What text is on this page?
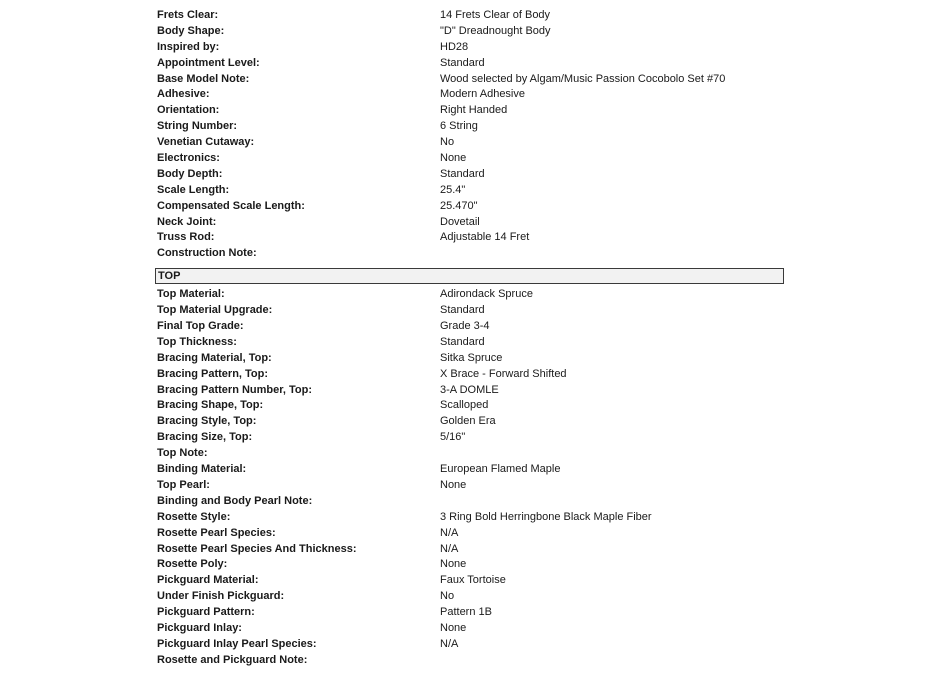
Frets Clear:	14 Frets Clear of Body
Body Shape:	"D" Dreadnought Body
Inspired by:	HD28
Appointment Level:	Standard
Base Model Note:	Wood selected by Algam/Music Passion Cocobolo Set #70
Adhesive:	Modern Adhesive
Orientation:	Right Handed
String Number:	6 String
Venetian Cutaway:	No
Electronics:	None
Body Depth:	Standard
Scale Length:	25.4"
Compensated Scale Length:	25.470"
Neck Joint:	Dovetail
Truss Rod:	Adjustable 14 Fret
Construction Note:
TOP
Top Material:	Adirondack Spruce
Top Material Upgrade:	Standard
Final Top Grade:	Grade 3-4
Top Thickness:	Standard
Bracing Material, Top:	Sitka Spruce
Bracing Pattern, Top:	X Brace - Forward Shifted
Bracing Pattern Number, Top:	3-A DOMLE
Bracing Shape, Top:	Scalloped
Bracing Style, Top:	Golden Era
Bracing Size, Top:	5/16"
Top Note:
Binding Material:	European Flamed Maple
Top Pearl:	None
Binding and Body Pearl Note:
Rosette Style:	3 Ring Bold Herringbone Black Maple Fiber
Rosette Pearl Species:	N/A
Rosette Pearl Species And Thickness:	N/A
Rosette Poly:	None
Pickguard Material:	Faux Tortoise
Under Finish Pickguard:	No
Pickguard Pattern:	Pattern 1B
Pickguard Inlay:	None
Pickguard Inlay Pearl Species:	N/A
Rosette and Pickguard Note:
